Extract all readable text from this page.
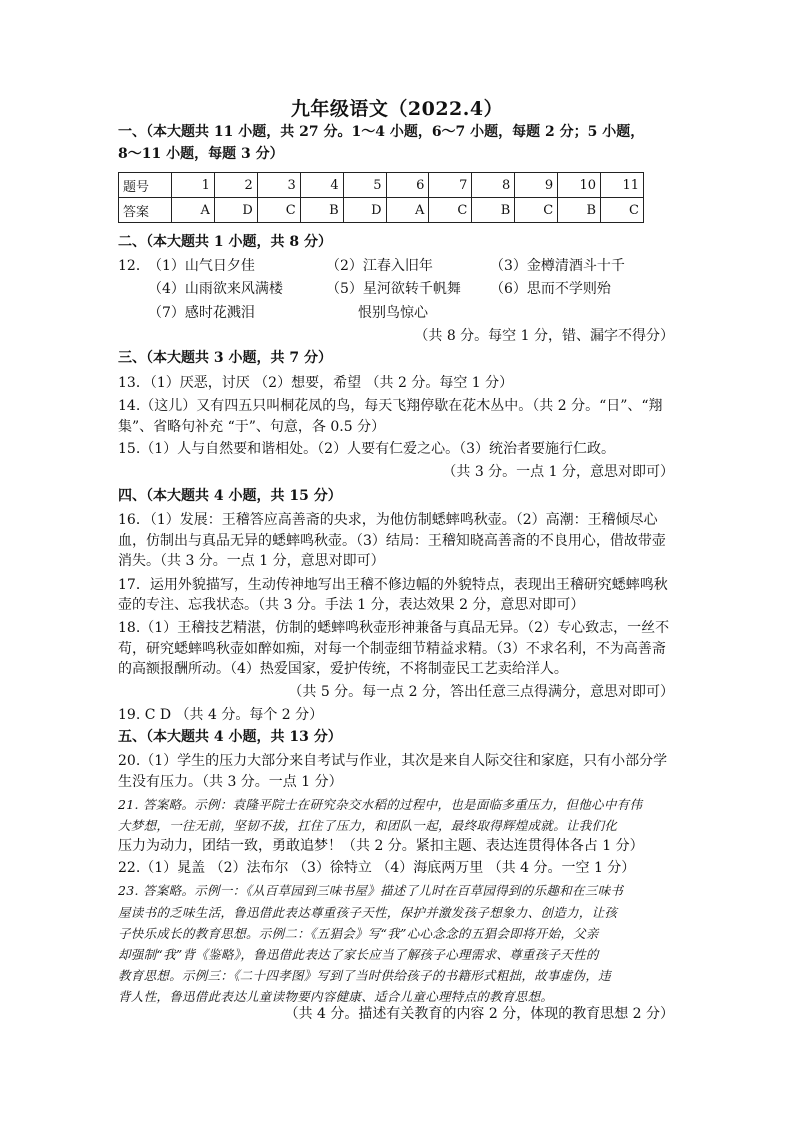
九年级语文（2022.4）
一、（本大题共 11 小题，共 27 分。1～4 小题，6～7 小题，每题 2 分；5 小题，
8～11 小题，每题 3 分）
题号	1	2	3	4	5	6	7	8	9	10	11
答案	A	D	C	B	D	A	C	B	C	B	C
二、（本大题共 1 小题，共 8 分）
12．
（1）山气日夕佳	（2）江春入旧年	（3）金樽清酒斗十千
（4）山雨欲来风满楼	（5）星河欲转千帆舞 （6）思而不学则殆
（7）感时花溅泪	恨别鸟惊心
（共 8 分。每空 1 分，错、漏字不得分）
三、（本大题共 3 小题，共 7 分）
13．（1）厌恶，讨厌 （2）想要，希望 （共 2 分。每空 1 分）
14.（这儿）又有四五只叫桐花凤的鸟，每天飞翔停歇在花木丛中。（共 2 分。“日”、“翔
集”、省略句补充 “于”、句意，各 0.5 分）
15.（1）人与自然要和谐相处。（2）人要有仁爱之心。（3）统治者要施行仁政。
（共 3 分。一点 1 分，意思对即可）
四、（本大题共 4 小题，共 15 分）
16．（1）发展：王稽答应高善斋的央求，为他仿制蟋蟀鸣秋壶。（2）高潮：王稽倾尽心
血，仿制出与真品无异的蟋蟀鸣秋壶。（3）结局：王稽知晓高善斋的不良用心，借故带壶
消失。（共 3 分。一点 1 分，意思对即可）
17．运用外貌描写，生动传神地写出王稽不修边幅的外貌特点，表现出王稽研究蟋蟀鸣秋
壶的专注、忘我状态。（共 3 分。手法 1 分，表达效果 2 分，意思对即可）
18.（1）王稽技艺精湛，仿制的蟋蟀鸣秋壶形神兼备与真品无异。（2）专心致志，一丝不
苟，研究蟋蟀鸣秋壶如醉如痴，对每一个制壶细节精益求精。（3）不求名利，不为高善斋
的高额报酬所动。（4）热爱国家，爱护传统，不将制壶民工艺卖给洋人。
（共 5 分。每一点 2 分，答出任意三点得满分，意思对即可）
19. C D （共 4 分。每个 2 分）
五、（本大题共 4 小题，共 13 分）
20.（1）学生的压力大部分来自考试与作业，其次是来自人际交往和家庭，只有小部分学
生没有压力。（共 3 分。一点 1 分）
21. 答案略。示例：袁隆平院士在研究杂交水稻的过程中，也是面临多重压力，但他心中有伟
大梦想，一往无前，坚韧不拔，扛住了压力，和团队一起，最终取得辉煌成就。让我们化
压力为动力，团结一致，勇敢追梦！（共 2 分。紧扣主题、表达连贯得体各占 1 分）
22.（1）晁盖 （2）法布尔 （3）徐特立 （4）海底两万里 （共 4 分。一空 1 分）
23. 答案略。示例一：《从百草园到三味书屋》描述了儿时在百草园得到的乐趣和在三味书
屋读书的乏味生活，鲁迅借此表达尊重孩子天性，保护并激发孩子想象力、创造力，让孩
子快乐成长的教育思想。示例二：《五猖会》写“我”心心念念的五猖会即将开始，父亲
却强制“我”背《鉴略》，鲁迅借此表达了家长应当了解孩子心理需求、尊重孩子天性的
教育思想。示例三：《二十四孝图》写到了当时供给孩子的书籍形式粗拙，故事虚伪，违
背人性，鲁迅借此表达儿童读物要内容健康、适合儿童心理特点的教育思想。
（共 4 分。描述有关教育的内容 2 分，体现的教育思想 2 分）
